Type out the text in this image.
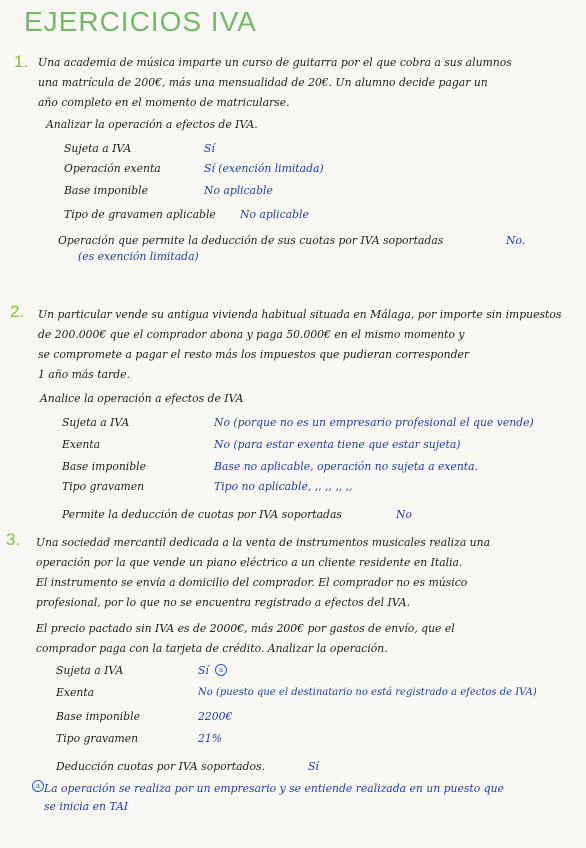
EJERCICIOS IVA
1. Una academia de música imparte un curso de guitarra por el que cobra a sus alumnos
una matrícula de 200€, más una mensualidad de 20€. Un alumno decide pagar un
año completo en el momento de matricularse.
Analizar la operación a efectos de IVA.
Sujeta a IVA	Sí
Operación exenta	Sí (exención limitada)
Base imponible	No aplicable
Tipo de gravamen aplicable No aplicable
Operación que permite la deducción de sus cuotas por IVA soportadas	No.
(es exención limitada)
2. Un particular vende su antigua vivienda habitual situada en Málaga, por importe sin impuestos
de 200.000€ que el comprador abona y paga 50.000€ en el mismo momento y
se compromete a pagar el resto más los impuestos que pudieran corresponder
1 año más tarde.
Analice la operación a efectos de IVA
Sujeta a IVA	No (porque no es un empresario profesional el que vende)
Exenta	No (para estar exenta tiene que estar sujeta)
Base imponible	Base no aplicable, operación no sujeta a exenta.
Tipo gravamen	Tipo no aplicable, ,, ,, ,, ,,
Permite la deducción de cuotas por IVA soportadas	No
3. Una sociedad mercantil dedicada a la venta de instrumentos musicales realiza una
operación por la que vende un piano eléctrico a un cliente residente en Italia.
El instrumento se envía a domicilio del comprador. El comprador no es músico
profesional, por lo que no se encuentra registrado a efectos del IVA.
El precio pactado sin IVA es de 2000€, más 200€ por gastos de envío, que el
comprador paga con la tarjeta de crédito. Analizar la operación.
Sujeta a IVA	Sí	a
Exenta	No (puesto que el destinatario no está registrado a efectos de IVA)
Base imponible	2200€
Tipo gravamen	21%
Deducción cuotas por IVA soportados.	Sí
a La operación se realiza por un empresario y se entiende realizada en un puesto que
se inicia en TAI
